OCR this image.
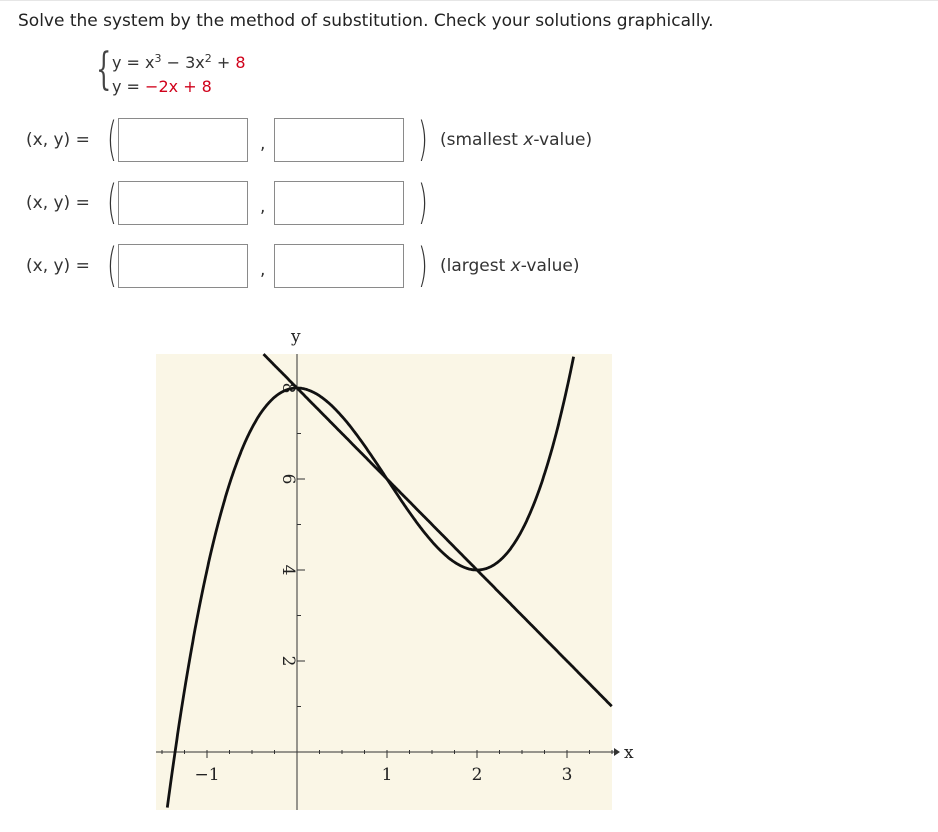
Solve the system by the method of substitution. Check your solutions graphically.
{ $y = x^3 - 3x^2 + 8$
y = −2x + 8
(x, y) = (	,	) (smallest x-value)
(x, y) = (	,	)
(x, y) = (	,	) (largest x-value)
−1	1	2	3
2
4
6
8
x
y
